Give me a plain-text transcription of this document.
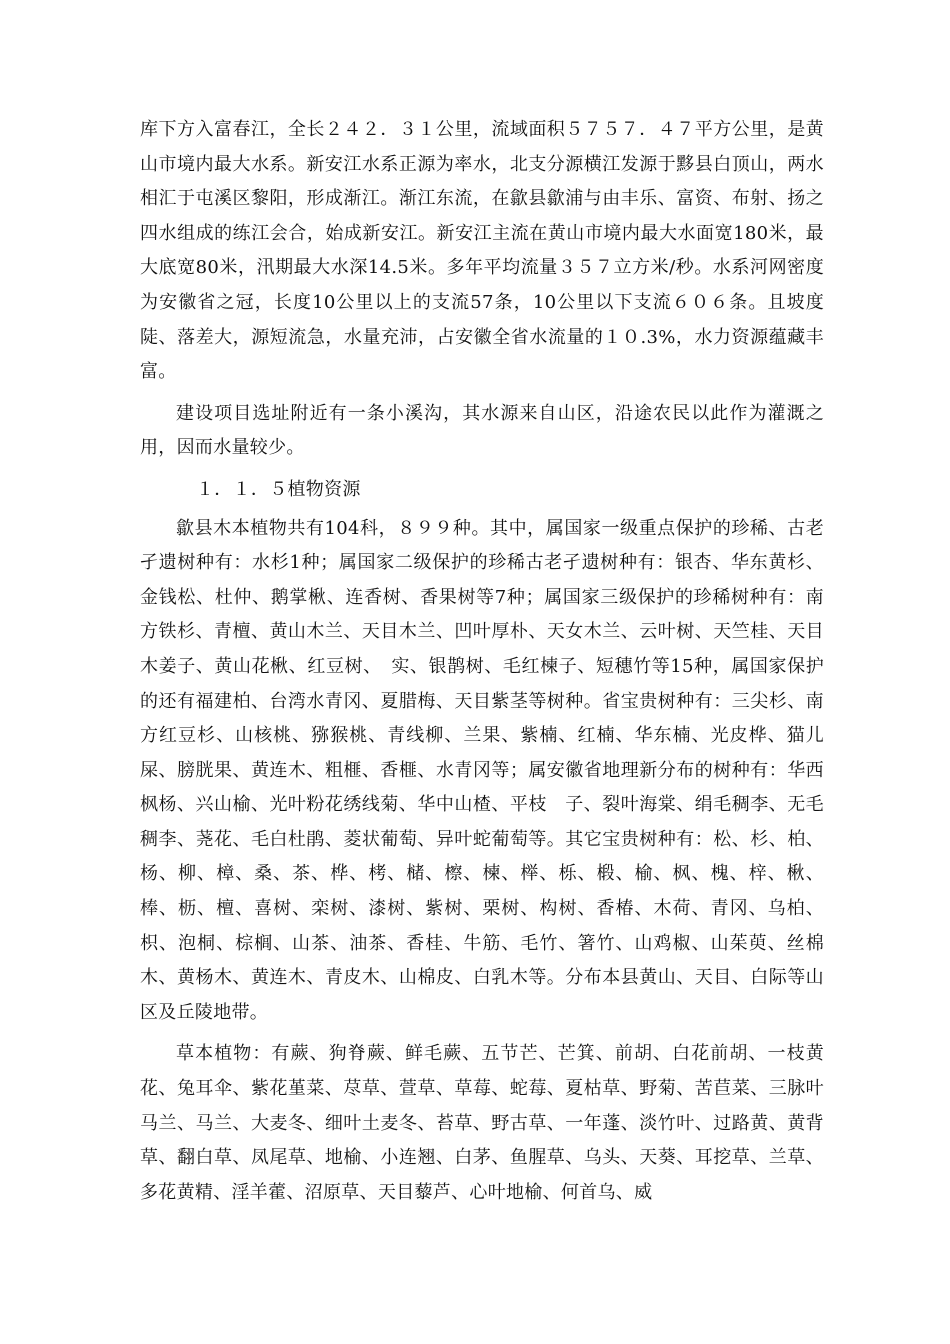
库下方入富春江，全长２４２．３１公里，流域面积５７５７．４７平方公里，是黄山市境内最大水系。新安江水系正源为率水，北支分源横江发源于黟县白顶山，两水相汇于屯溪区黎阳，形成渐江。渐江东流，在歙县歙浦与由丰乐、富资、布射、扬之四水组成的练江会合，始成新安江。新安江主流在黄山市境内最大水面宽180米，最大底宽80米，汛期最大水深14.5米。多年平均流量３５７立方米/秒。水系河网密度为安徽省之冠，长度10公里以上的支流57条，10公里以下支流６０６条。且坡度陡、落差大，源短流急，水量充沛，占安徽全省水流量的１０.3%，水力资源蕴藏丰富。

建设项目选址附近有一条小溪沟，其水源来自山区，沿途农民以此作为灌溉之用，因而水量较少。

１．１．５植物资源

歙县木本植物共有104科，８９９种。其中，属国家一级重点保护的珍稀、古老孑遗树种有：水杉1种；属国家二级保护的珍稀古老孑遗树种有：银杏、华东黄杉、金钱松、杜仲、鹅掌楸、连香树、香果树等7种；属国家三级保护的珍稀树种有：南方铁杉、青檀、黄山木兰、天目木兰、凹叶厚朴、天女木兰、云叶树、天竺桂、天目木姜子、黄山花楸、红豆树、　实、银鹊树、毛红楝子、短穗竹等15种，属国家保护的还有福建柏、台湾水青冈、夏腊梅、天目紫茎等树种。省宝贵树种有：三尖杉、南方红豆杉、山核桃、猕猴桃、青线柳、兰果、紫楠、红楠、华东楠、光皮桦、猫儿屎、膀胱果、黄连木、粗榧、香榧、水青冈等；属安徽省地理新分布的树种有：华西枫杨、兴山榆、光叶粉花绣线菊、华中山楂、平枝　子、裂叶海棠、绢毛稠李、无毛稠李、荛花、毛白杜鹃、菱状葡萄、异叶蛇葡萄等。其它宝贵树种有：松、杉、柏、杨、柳、樟、桑、茶、桦、栲、槠、檫、楝、榉、栎、椴、榆、枫、槐、梓、楸、棒、枥、檀、喜树、栾树、漆树、紫树、栗树、构树、香椿、木荷、青冈、乌柏、枳、泡桐、棕榈、山茶、油茶、香桂、牛筋、毛竹、箸竹、山鸡椒、山茱萸、丝棉木、黄杨木、黄连木、青皮木、山棉皮、白乳木等。分布本县黄山、天目、白际等山区及丘陵地带。

草本植物：有蕨、狗脊蕨、鲜毛蕨、五节芒、芒箕、前胡、白花前胡、一枝黄花、兔耳伞、紫花堇菜、荩草、萱草、草莓、蛇莓、夏枯草、野菊、苦苣菜、三脉叶马兰、马兰、大麦冬、细叶土麦冬、苔草、野古草、一年蓬、淡竹叶、过路黄、黄背草、翻白草、凤尾草、地榆、小连翘、白茅、鱼腥草、乌头、天葵、耳挖草、兰草、多花黄精、淫羊藿、沼原草、天目藜芦、心叶地榆、何首乌、威
